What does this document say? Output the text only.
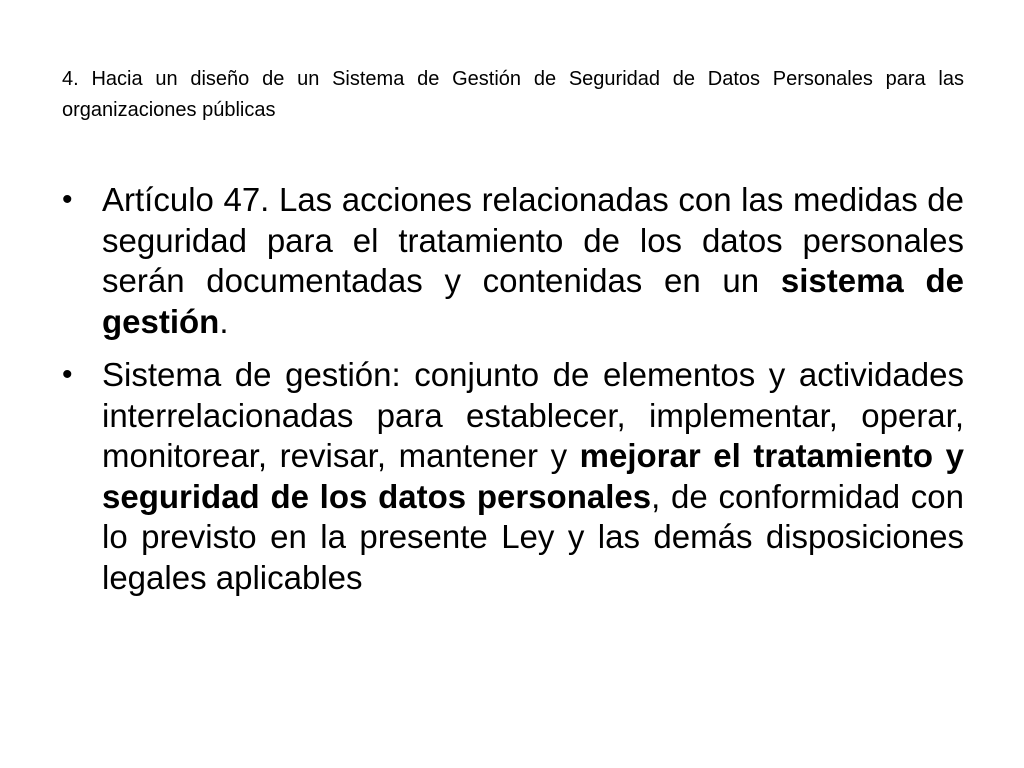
4. Hacia un diseño de un Sistema de Gestión de Seguridad de Datos Personales para las organizaciones públicas
• Artículo 47. Las acciones relacionadas con las medidas de seguridad para el tratamiento de los datos personales serán documentadas y contenidas en un sistema de gestión.
• Sistema de gestión: conjunto de elementos y actividades interrelacionadas para establecer, implementar, operar, monitorear, revisar, mantener y mejorar el tratamiento y seguridad de los datos personales, de conformidad con lo previsto en la presente Ley y las demás disposiciones legales aplicables
